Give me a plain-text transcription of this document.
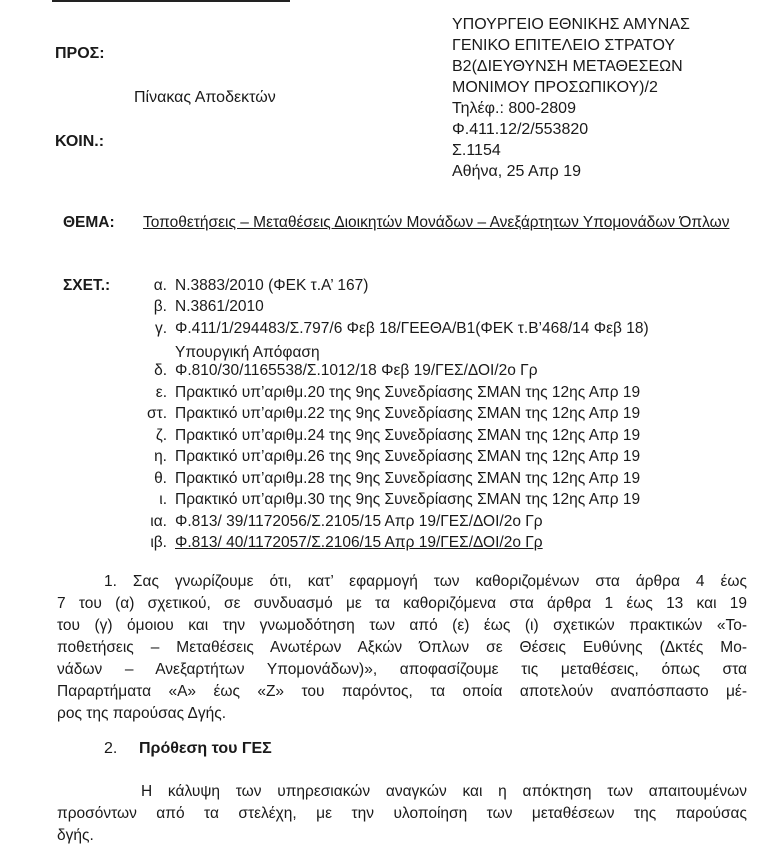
ΠΡΟΣ:
Πίνακας Αποδεκτών
ΚΟΙΝ.:
ΥΠΟΥΡΓΕΙΟ ΕΘΝΙΚΗΣ ΑΜΥΝΑΣ
ΓΕΝΙΚΟ ΕΠΙΤΕΛΕΙΟ ΣΤΡΑΤΟΥ
Β2(ΔΙΕΥΘΥΝΣΗ ΜΕΤΑΘΕΣΕΩΝ
ΜΟΝΙΜΟΥ ΠΡΟΣΩΠΙΚΟΥ)/2
Τηλέφ.: 800-2809
Φ.411.12/2/553820
Σ.1154
Αθήνα, 25 Απρ 19
ΘΕΜΑ: Τοποθετήσεις – Μεταθέσεις Διοικητών Μονάδων – Ανεξάρτητων Υπομονάδων Όπλων
ΣΧΕΤ.:	α. Ν.3883/2010 (ΦΕΚ τ.Α’ 167)
β. Ν.3861/2010
γ. Φ.411/1/294483/Σ.797/6 Φεβ 18/ΓΕΕΘΑ/Β1(ΦΕΚ τ.Β’468/14 Φεβ 18)
Υπουργική Απόφαση
δ. Φ.810/30/1165538/Σ.1012/18 Φεβ 19/ΓΕΣ/ΔΟΙ/2ο Γρ
ε. Πρακτικό υπ’αριθμ.20 της 9ης Συνεδρίασης ΣΜΑΝ της 12ης Απρ 19
στ. Πρακτικό υπ’αριθμ.22 της 9ης Συνεδρίασης ΣΜΑΝ της 12ης Απρ 19
ζ. Πρακτικό υπ’αριθμ.24 της 9ης Συνεδρίασης ΣΜΑΝ της 12ης Απρ 19
η. Πρακτικό υπ’αριθμ.26 της 9ης Συνεδρίασης ΣΜΑΝ της 12ης Απρ 19
θ. Πρακτικό υπ’αριθμ.28 της 9ης Συνεδρίασης ΣΜΑΝ της 12ης Απρ 19
ι. Πρακτικό υπ’αριθμ.30 της 9ης Συνεδρίασης ΣΜΑΝ της 12ης Απρ 19
ια. Φ.813/ 39/1172056/Σ.2105/15 Απρ 19/ΓΕΣ/ΔΟΙ/2ο Γρ
ιβ. Φ.813/ 40/1172057/Σ.2106/15 Απρ 19/ΓΕΣ/ΔΟΙ/2ο Γρ
1. Σας γνωρίζουμε ότι, κατ’ εφαρμογή των καθοριζομένων στα άρθρα 4 έως
7 του (α) σχετικού, σε συνδυασμό με τα καθοριζόμενα στα άρθρα 1 έως 13 και 19
του (γ) όμοιου και την γνωμοδότηση των από (ε) έως (ι) σχετικών πρακτικών «Το-
ποθετήσεις – Μεταθέσεις Ανωτέρων Αξκών Όπλων σε Θέσεις Ευθύνης (Δκτές Μο-
νάδων – Ανεξαρτήτων Υπομονάδων)», αποφασίζουμε τις μεταθέσεις, όπως στα
Παραρτήματα «Α» έως «Ζ» του παρόντος, τα οποία αποτελούν αναπόσπαστο μέ-
ρος της παρούσας Δγής.
2. Πρόθεση του ΓΕΣ
Η κάλυψη των υπηρεσιακών αναγκών και η απόκτηση των απαιτουμένων
προσόντων από τα στελέχη, με την υλοποίηση των μεταθέσεων της παρούσας
δγής.
